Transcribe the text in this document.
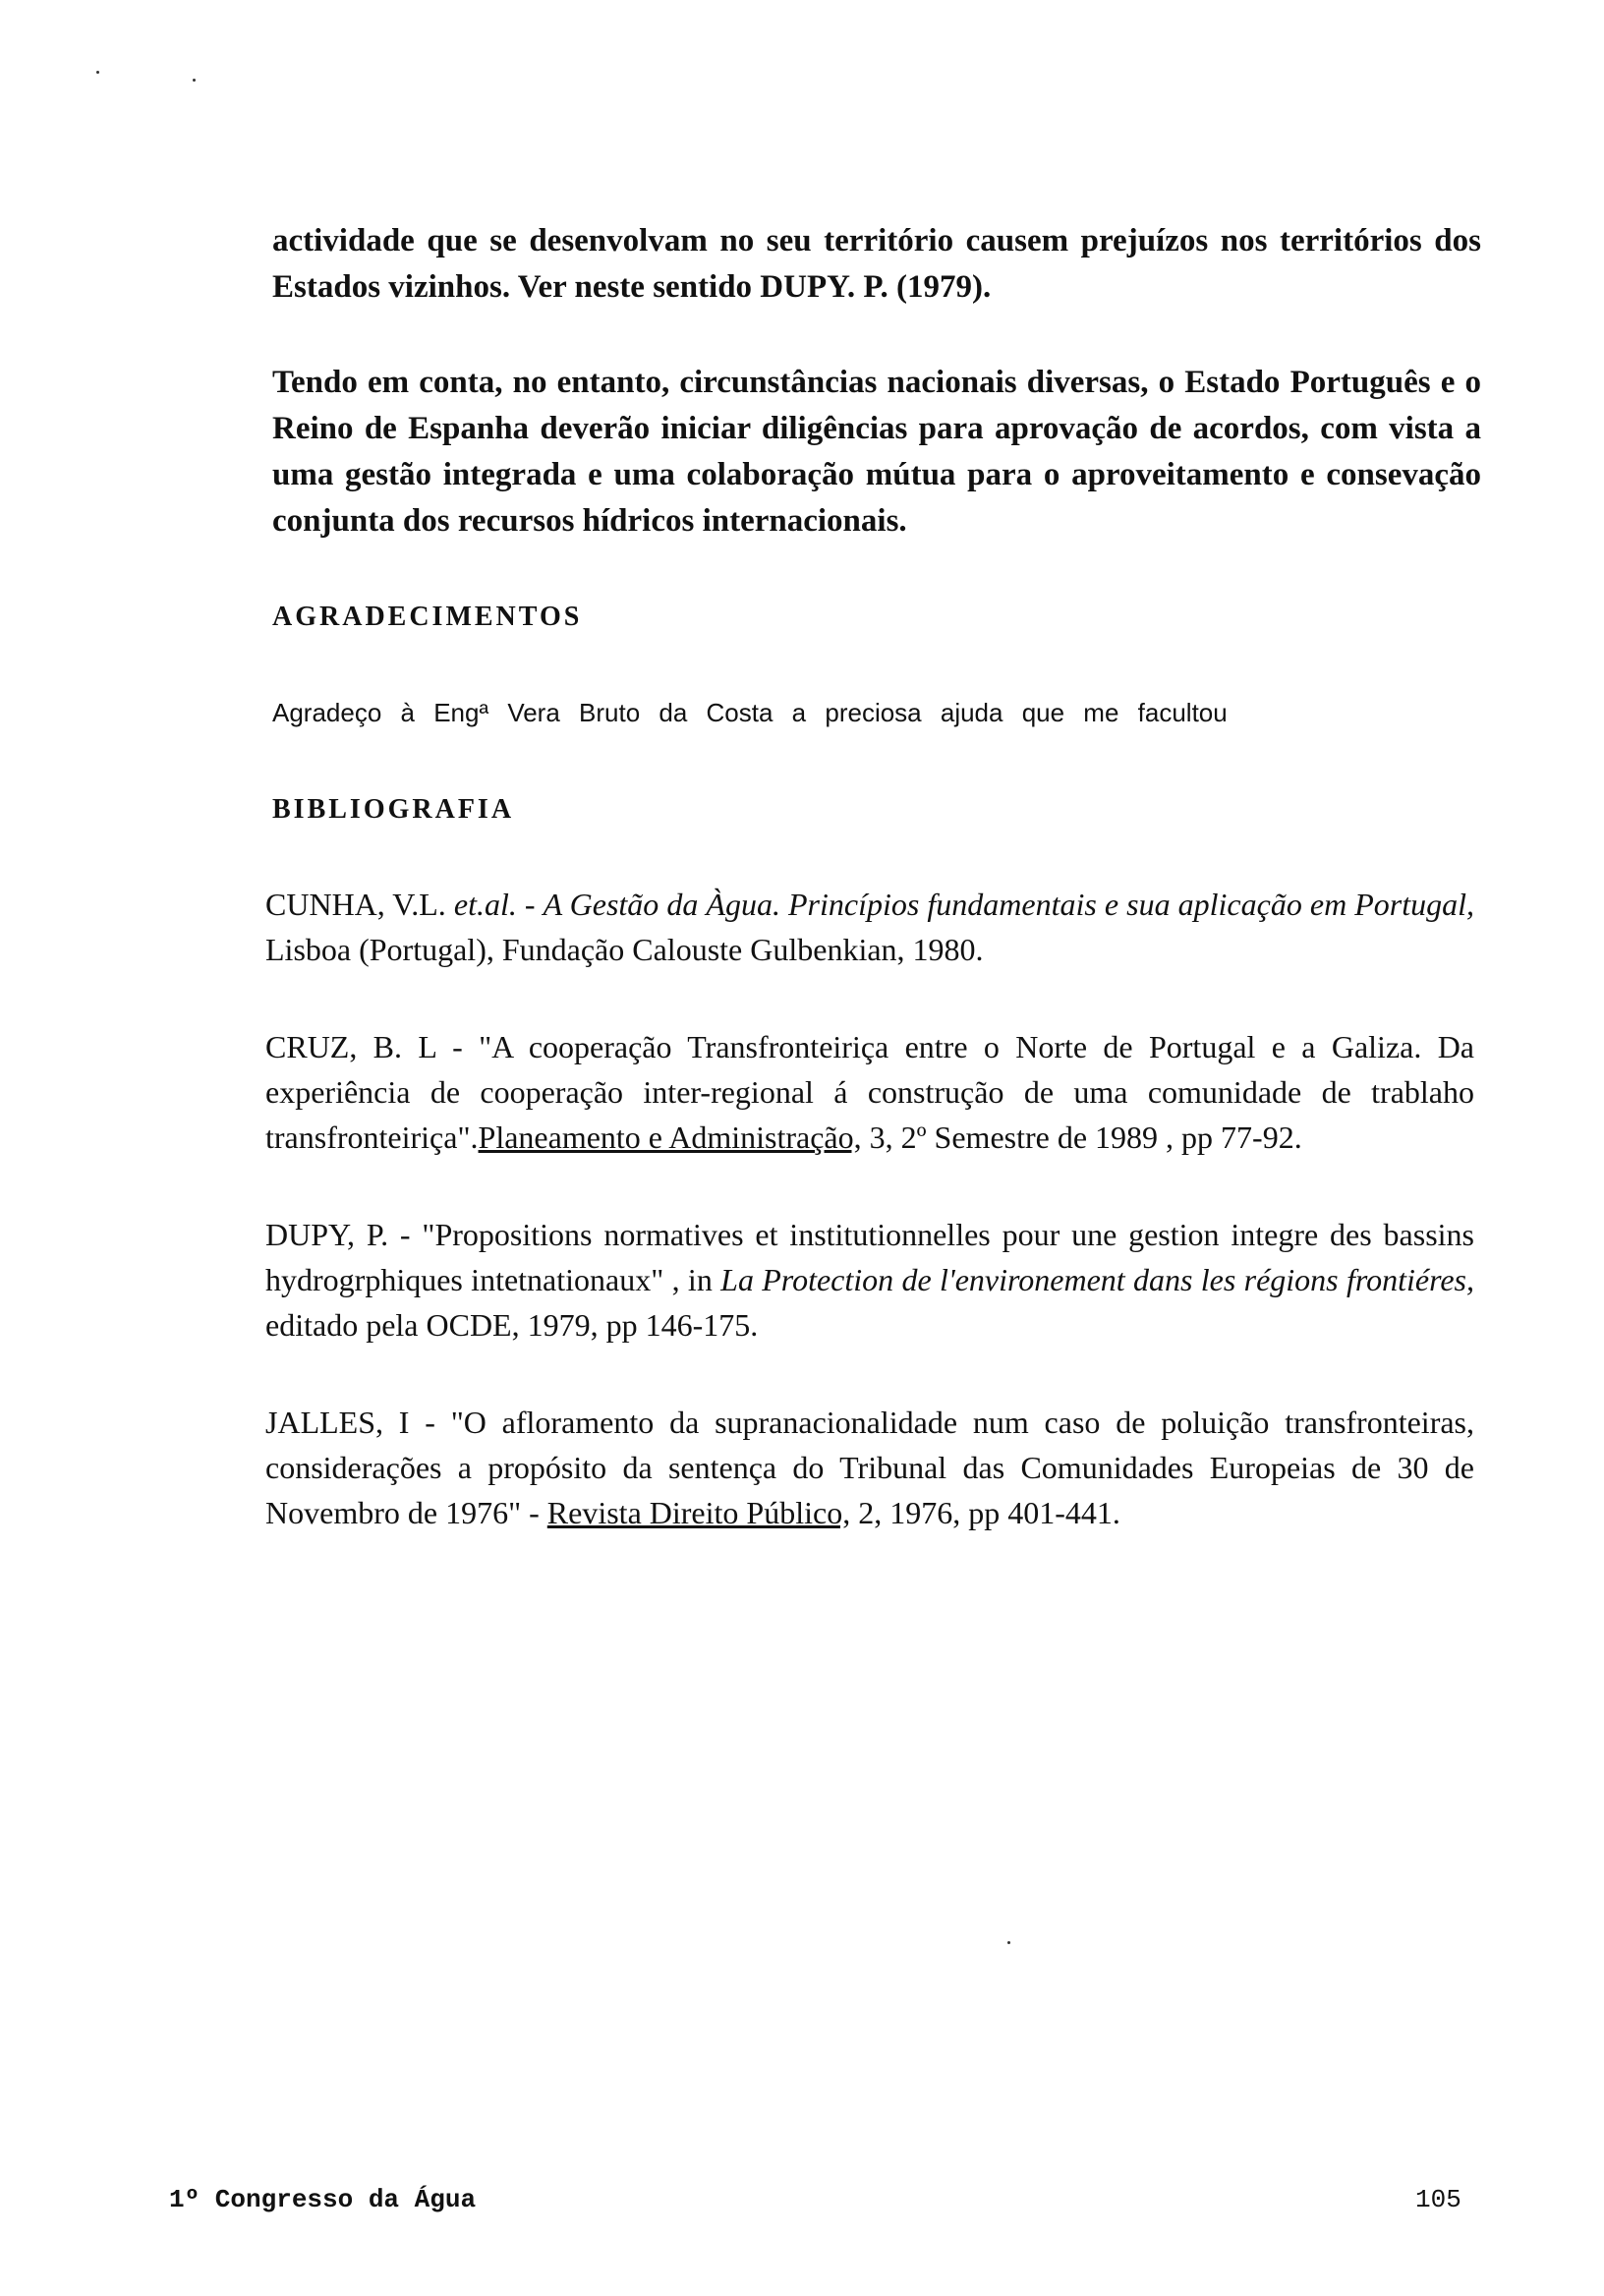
actividade que se desenvolvam no seu território causem prejuízos nos territórios dos Estados vizinhos. Ver neste sentido DUPY. P. (1979).

Tendo em conta, no entanto, circunstâncias nacionais diversas, o Estado Português e o Reino de Espanha deverão iniciar diligências para aprovação de acordos, com vista a uma gestão integrada e uma colaboração mútua para o aproveitamento e consevação conjunta dos recursos hídricos internacionais.

AGRADECIMENTOS
Agradeço à Engª Vera Bruto da Costa a preciosa ajuda que me facultou
BIBLIOGRAFIA
CUNHA, V.L. et.al. - A Gestão da Àgua. Princípios fundamentais e sua aplicação em Portugal, Lisboa (Portugal), Fundação Calouste Gulbenkian, 1980.
CRUZ, B. L - "A cooperação Transfronteiriça entre o Norte de Portugal e a Galiza. Da experiência de cooperação inter-regional á construção de uma comunidade de trablaho transfronteiriça".Planeamento e Administração, 3, 2º Semestre de 1989 , pp 77-92.
DUPY, P. - "Propositions normatives et institutionnelles pour une gestion integre des bassins hydrogrphiques intetnationaux" , in La Protection de l'environement dans les régions frontiéres, editado pela OCDE, 1979, pp 146-175.
JALLES, I - "O afloramento da supranacionalidade num caso de poluição transfronteiras, considerações a propósito da sentença do Tribunal das Comunidades Europeias de 30 de Novembro de 1976" - Revista Direito Público, 2, 1976, pp 401-441.
1º Congresso da Água	105
